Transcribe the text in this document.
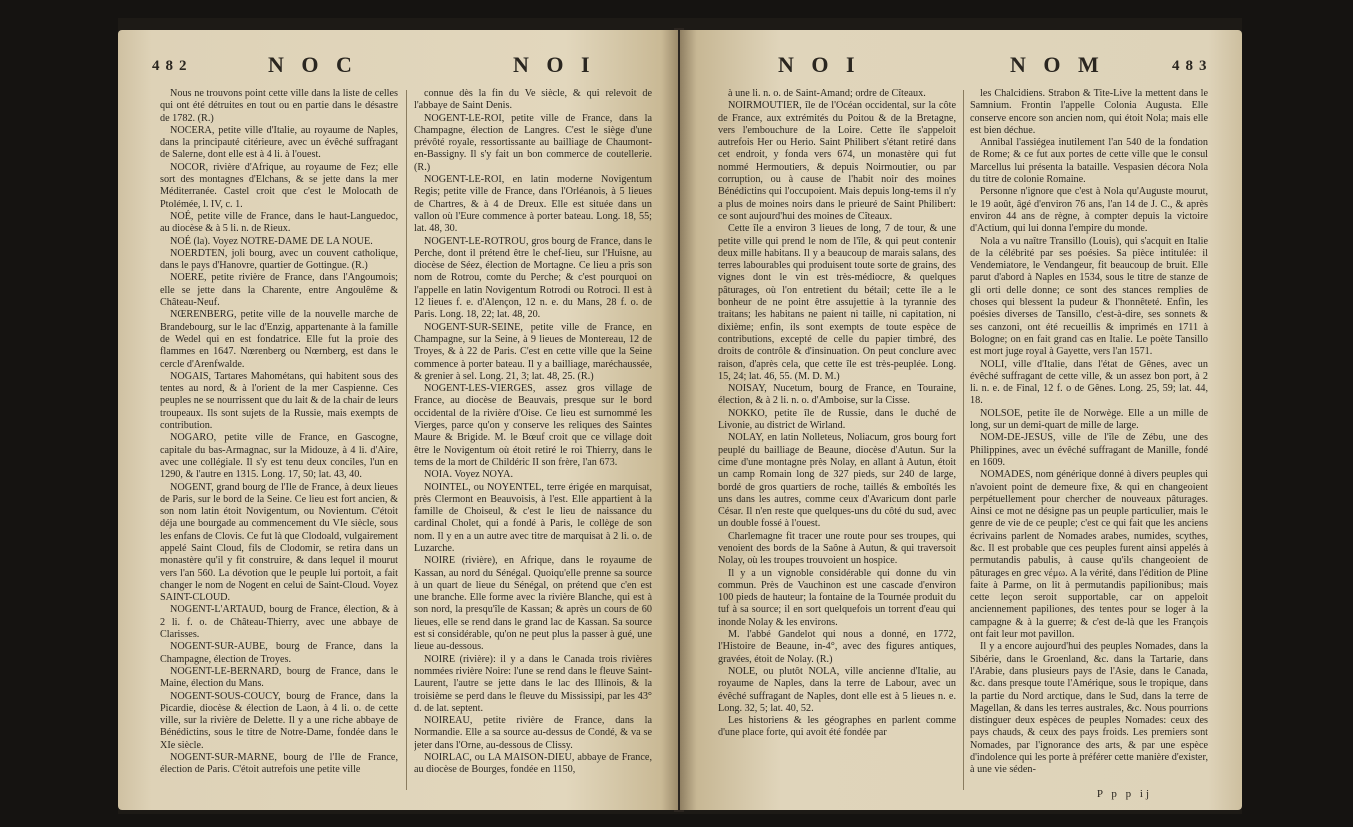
482	N O C	N O I

Nous ne trouvons point cette ville dans la liste de celles qui ont été détruites en tout ou en partie dans le désastre de 1782. (R.)

NOCERA, petite ville d'Italie, au royaume de Naples, dans la principauté citérieure, avec un évêché suffragant de Salerne, dont elle est à 4 li. à l'ouest.

NOCOR, rivière d'Afrique, au royaume de Fez; elle sort des montagnes d'Elchans, & se jette dans la mer Méditerranée. Castel croit que c'est le Molocath de Ptolémée, l. IV, c. 1.

NOÉ, petite ville de France, dans le haut-Languedoc, au diocèse & à 5 li. n. de Rieux.

NOÉ (la). Voyez NOTRE-DAME DE LA NOUE.

NOERDTEN, joli bourg, avec un couvent catholique, dans le pays d'Hanovre, quartier de Gottingue. (R.)

NOERE, petite rivière de France, dans l'Angoumois; elle se jette dans la Charente, entre Angoulême & Château-Neuf.

NŒRENBERG, petite ville de la nouvelle marche de Brandebourg, sur le lac d'Enzig, appartenante à la famille de Wedel qui en est fondatrice. Elle fut la proie des flammes en 1647. Nœrenberg ou Nœrnberg, est dans le cercle d'Arenfwalde.

NOGAIS, Tartares Mahométans, qui habitent sous des tentes au nord, & à l'orient de la mer Caspienne. Ces peuples ne se nourrissent que du lait & de la chair de leurs troupeaux. Ils sont sujets de la Russie, mais exempts de contribution.

NOGARO, petite ville de France, en Gascogne, capitale du bas-Armagnac, sur la Midouze, à 4 li. d'Aire, avec une collégiale. Il s'y est tenu deux conciles, l'un en 1290, & l'autre en 1315. Long. 17, 50; lat. 43, 40.

NOGENT, grand bourg de l'Ile de France, à deux lieues de Paris, sur le bord de la Seine. Ce lieu est fort ancien, & son nom latin étoit Novigentum, ou Novientum. C'étoit déja une bourgade au commencement du VIe siècle, sous les enfans de Clovis. Ce fut là que Clodoald, vulgairement appelé Saint Cloud, fils de Clodomir, se retira dans un monastère qu'il y fit construire, & dans lequel il mourut vers l'an 560. La dévotion que le peuple lui portoit, a fait changer le nom de Nogent en celui de Saint-Cloud. Voyez SAINT-CLOUD.

NOGENT-L'ARTAUD, bourg de France, élection, & à 2 li. f. o. de Château-Thierry, avec une abbaye de Clarisses.

NOGENT-SUR-AUBE, bourg de France, dans la Champagne, élection de Troyes.

NOGENT-LE-BERNARD, bourg de France, dans le Maine, élection du Mans.

NOGENT-SOUS-COUCY, bourg de France, dans la Picardie, diocèse & élection de Laon, à 4 li. o. de cette ville, sur la rivière de Delette. Il y a une riche abbaye de Bénédictins, sous le titre de Notre-Dame, fondée dans le XIe siècle.

NOGENT-SUR-MARNE, bourg de l'Ile de France, élection de Paris. C'étoit autrefois une petite ville

connue dès la fin du Ve siècle, & qui relevoit de l'abbaye de Saint Denis.

NOGENT-LE-ROI, petite ville de France, dans la Champagne, élection de Langres. C'est le siège d'une prévôté royale, ressortissante au bailliage de Chaumont-en-Bassigny. Il s'y fait un bon commerce de coutellerie. (R.)

NOGENT-LE-ROI, en latin moderne Novigentum Regis; petite ville de France, dans l'Orléanois, à 5 lieues de Chartres, & à 4 de Dreux. Elle est située dans un vallon où l'Eure commence à porter bateau. Long. 18, 55; lat. 48, 30.

NOGENT-LE-ROTROU, gros bourg de France, dans le Perche, dont il prétend être le chef-lieu, sur l'Huisne, au diocèse de Séez, élection de Mortagne. Ce lieu a pris son nom de Rotrou, comte du Perche; & c'est pourquoi on l'appelle en latin Novigentum Rotrodi ou Rotroci. Il est à 12 lieues f. e. d'Alençon, 12 n. e. du Mans, 28 f. o. de Paris. Long. 18, 22; lat. 48, 20.

NOGENT-SUR-SEINE, petite ville de France, en Champagne, sur la Seine, à 9 lieues de Montereau, 12 de Troyes, & à 22 de Paris. C'est en cette ville que la Seine commence à porter bateau. Il y a bailliage, maréchaussée, & grenier à sel. Long. 21, 3; lat. 48, 25. (R.)

NOGENT-LES-VIERGES, assez gros village de France, au diocèse de Beauvais, presque sur le bord occidental de la rivière d'Oise. Ce lieu est surnommé les Vierges, parce qu'on y conserve les reliques des Saintes Maure & Brigide. M. le Bœuf croit que ce village doit être le Novigentum où étoit retiré le roi Thierry, dans le tems de la mort de Childéric II son frère, l'an 673.

NOIA. Voyez NOYA.

NOINTEL, ou NOYENTEL, terre érigée en marquisat, près Clermont en Beauvoisis, à l'est. Elle appartient à la famille de Choiseul, & c'est le lieu de naissance du cardinal Cholet, qui a fondé à Paris, le collège de son nom. Il y en a un autre avec titre de marquisat à 2 li. o. de Luzarche.

NOIRE (rivière), en Afrique, dans le royaume de Kassan, au nord du Sénégal. Quoiqu'elle prenne sa source à un quart de lieue du Sénégal, on prétend que c'en est une branche. Elle forme avec la rivière Blanche, qui est à son nord, la presqu'île de Kassan; & après un cours de 60 lieues, elle se rend dans le grand lac de Kassan. Sa source est si considérable, qu'on ne peut plus la passer à gué, une lieue au-dessous.

NOIRE (rivière): il y a dans le Canada trois rivières nommées rivière Noire: l'une se rend dans le fleuve Saint-Laurent, l'autre se jette dans le lac des Illinois, & la troisième se perd dans le fleuve du Mississipi, par les 43° d. de lat. septent.

NOIREAU, petite rivière de France, dans la Normandie. Elle a sa source au-dessus de Condé, & va se jeter dans l'Orne, au-dessous de Clissy.

NOIRLAC, ou LA MAISON-DIEU, abbaye de France, au diocèse de Bourges, fondée en 1150,

N O I	N O M	483

à une li. n. o. de Saint-Amand; ordre de Cîteaux.

NOIRMOUTIER, île de l'Océan occidental, sur la côte de France, aux extrémités du Poitou & de la Bretagne, vers l'embouchure de la Loire. Cette île s'appeloit autrefois Her ou Herio. Saint Philibert s'étant retiré dans cet endroit, y fonda vers 674, un monastère qui fut nommé Hermoutiers, & depuis Noirmoutier, ou par corruption, ou à cause de l'habit noir des moines Bénédictins qui l'occupoient. Mais depuis long-tems il n'y a plus de moines noirs dans le prieuré de Saint Philibert: ce sont aujourd'hui des moines de Cîteaux.

Cette île a environ 3 lieues de long, 7 de tour, & une petite ville qui prend le nom de l'île, & qui peut contenir deux mille habitans. Il y a beaucoup de marais salans, des terres labourables qui produisent toute sorte de grains, des vignes dont le vin est très-médiocre, & quelques pâturages, où l'on entretient du bétail; cette île a le bonheur de ne point être assujettie à la tyrannie des traitans; les habitans ne paient ni taille, ni capitation, ni dixième; enfin, ils sont exempts de toute espèce de contributions, excepté de celle du papier timbré, des droits de contrôle & d'insinuation. On peut conclure avec raison, d'après cela, que cette île est très-peuplée. Long. 15, 24; lat. 46, 55. (M. D. M.)

NOISAY, Nucetum, bourg de France, en Touraine, élection, & à 2 li. n. o. d'Amboise, sur la Cisse.

NOKKO, petite île de Russie, dans le duché de Livonie, au district de Wirland.

NOLAY, en latin Nolleteus, Noliacum, gros bourg fort peuplé du bailliage de Beaune, diocèse d'Autun. Sur la cime d'une montagne près Nolay, en allant à Autun, étoit un camp Romain long de 327 pieds, sur 240 de large, bordé de gros quartiers de roche, taillés & emboîtés les uns dans les autres, comme ceux d'Avaricum dont parle César. Il n'en reste que quelques-uns du côté du sud, avec un double fossé à l'ouest.

Charlemagne fit tracer une route pour ses troupes, qui venoient des bords de la Saône à Autun, & qui traversoit Nolay, où les troupes trouvoient un hospice.

Il y a un vignoble considérable qui donne du vin commun. Près de Vauchinon est une cascade d'environ 100 pieds de hauteur; la fontaine de la Tournée produit du tuf à sa source; il en sort quelquefois un torrent d'eau qui inonde Nolay & les environs.

M. l'abbé Gandelot qui nous a donné, en 1772, l'Histoire de Beaune, in-4°, avec des figures antiques, gravées, étoit de Nolay. (R.)

NOLE, ou plutôt NOLA, ville ancienne d'Italie, au royaume de Naples, dans la terre de Labour, avec un évêché suffragant de Naples, dont elle est à 5 lieues n. e. Long. 32, 5; lat. 40, 52.

Les historiens & les géographes en parlent comme d'une place forte, qui avoit été fondée par

les Chalcidiens. Strabon & Tite-Live la mettent dans le Samnium. Frontin l'appelle Colonia Augusta. Elle conserve encore son ancien nom, qui étoit Nola; mais elle est bien déchue.

Annibal l'assiégea inutilement l'an 540 de la fondation de Rome; & ce fut aux portes de cette ville que le consul Marcellus lui présenta la bataille. Vespasien décora Nola du titre de colonie Romaine.

Personne n'ignore que c'est à Nola qu'Auguste mourut, le 19 août, âgé d'environ 76 ans, l'an 14 de J. C., & après environ 44 ans de règne, à compter depuis la victoire d'Actium, qui lui donna l'empire du monde.

Nola a vu naître Transillo (Louis), qui s'acquit en Italie de la célébrité par ses poésies. Sa pièce intitulée: il Vendemiatore, le Vendangeur, fit beaucoup de bruit. Elle parut d'abord à Naples en 1534, sous le titre de stanze de gli orti delle donne; ce sont des stances remplies de choses qui blessent la pudeur & l'honnêteté. Enfin, les poésies diverses de Tansillo, c'est-à-dire, ses sonnets & ses canzoni, ont été recueillis & imprimés en 1711 à Bologne; on en fait grand cas en Italie. Le poète Tansillo est mort juge royal à Gayette, vers l'an 1571.

NOLI, ville d'Italie, dans l'état de Gênes, avec un évêché suffragant de cette ville, & un assez bon port, à 2 li. n. e. de Final, 12 f. o de Gênes. Long. 25, 59; lat. 44, 18.

NOLSOE, petite île de Norwège. Elle a un mille de long, sur un demi-quart de mille de large.

NOM-DE-JESUS, ville de l'île de Zébu, une des Philippines, avec un évêché suffragant de Manille, fondé en 1609.

NOMADES, nom générique donné à divers peuples qui n'avoient point de demeure fixe, & qui en changeoient perpétuellement pour chercher de nouveaux pâturages. Ainsi ce mot ne désigne pas un peuple particulier, mais le genre de vie de ce peuple; c'est ce qui fait que les anciens écrivains parlent de Nomades arabes, numides, scythes, &c. Il est probable que ces peuples furent ainsi appelés à permutandis pabulis, à cause qu'ils changeoient de pâturages en grec νέμω. A la vérité, dans l'édition de Pline faite à Parme, on lit à permutandis papilionibus; mais cette leçon seroit supportable, car on appeloit anciennement papiliones, des tentes pour se loger à la campagne & à la guerre; & c'est de-là que les François ont fait leur mot pavillon.

Il y a encore aujourd'hui des peuples Nomades, dans la Sibérie, dans le Groenland, &c. dans la Tartarie, dans l'Arabie, dans plusieurs pays de l'Asie, dans le Canada, &c. dans presque toute l'Amérique, sous le tropique, dans la partie du Nord arctique, dans le Sud, dans la terre de Magellan, & dans les terres australes, &c. Nous pourrions distinguer deux espèces de peuples Nomades: ceux des pays chauds, & ceux des pays froids. Les premiers sont Nomades, par l'ignorance des arts, & par une espèce d'indolence qui les porte à préférer cette manière d'exister, à une vie séden-

P p p ij
